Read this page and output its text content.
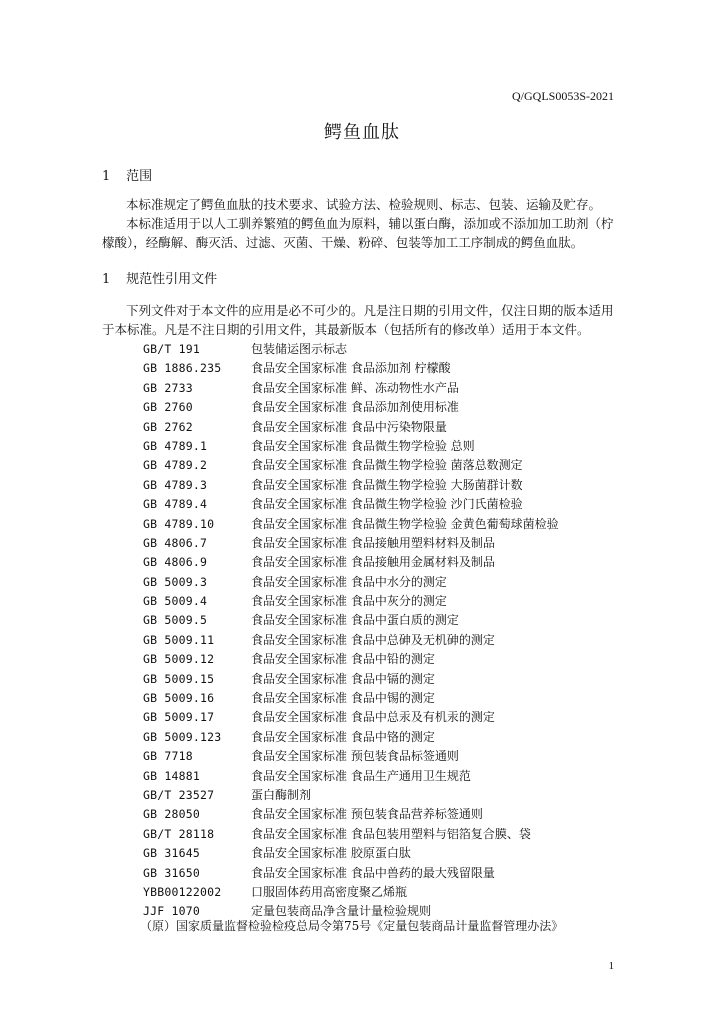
Q/GQLS0053S-2021
鳄鱼血肽
1 范围
本标准规定了鳄鱼血肽的技术要求、试验方法、检验规则、标志、包装、运输及贮存。
本标准适用于以人工驯养繁殖的鳄鱼血为原料，辅以蛋白酶，添加或不添加加工助剂（柠檬酸），经酶解、酶灭活、过滤、灭菌、干燥、粉碎、包装等加工工序制成的鳄鱼血肽。
1 规范性引用文件
下列文件对于本文件的应用是必不可少的。凡是注日期的引用文件，仅注日期的版本适用于本标准。凡是不注日期的引用文件，其最新版本（包括所有的修改单）适用于本文件。
GB/T 191	包装储运图示标志
GB 1886.235	食品安全国家标准 食品添加剂 柠檬酸
GB 2733	食品安全国家标准 鲜、冻动物性水产品
GB 2760	食品安全国家标准 食品添加剂使用标准
GB 2762	食品安全国家标准 食品中污染物限量
GB 4789.1	食品安全国家标准 食品微生物学检验 总则
GB 4789.2	食品安全国家标准 食品微生物学检验 菌落总数测定
GB 4789.3	食品安全国家标准 食品微生物学检验 大肠菌群计数
GB 4789.4	食品安全国家标准 食品微生物学检验 沙门氏菌检验
GB 4789.10	食品安全国家标准 食品微生物学检验 金黄色葡萄球菌检验
GB 4806.7	食品安全国家标准 食品接触用塑料材料及制品
GB 4806.9	食品安全国家标准 食品接触用金属材料及制品
GB 5009.3	食品安全国家标准 食品中水分的测定
GB 5009.4	食品安全国家标准 食品中灰分的测定
GB 5009.5	食品安全国家标准 食品中蛋白质的测定
GB 5009.11	食品安全国家标准 食品中总砷及无机砷的测定
GB 5009.12	食品安全国家标准 食品中铅的测定
GB 5009.15	食品安全国家标准 食品中镉的测定
GB 5009.16	食品安全国家标准 食品中锡的测定
GB 5009.17	食品安全国家标准 食品中总汞及有机汞的测定
GB 5009.123	食品安全国家标准 食品中铬的测定
GB 7718	食品安全国家标准 预包装食品标签通则
GB 14881	食品安全国家标准 食品生产通用卫生规范
GB/T 23527	蛋白酶制剂
GB 28050	食品安全国家标准 预包装食品营养标签通则
GB/T 28118	食品安全国家标准 食品包装用塑料与铝箔复合膜、袋
GB 31645	食品安全国家标准 胶原蛋白肽
GB 31650	食品安全国家标准 食品中兽药的最大残留限量
YBB00122002	口服固体药用高密度聚乙烯瓶
JJF 1070	定量包装商品净含量计量检验规则
（原）国家质量监督检验检疫总局令第75号《定量包装商品计量监督管理办法》
1
